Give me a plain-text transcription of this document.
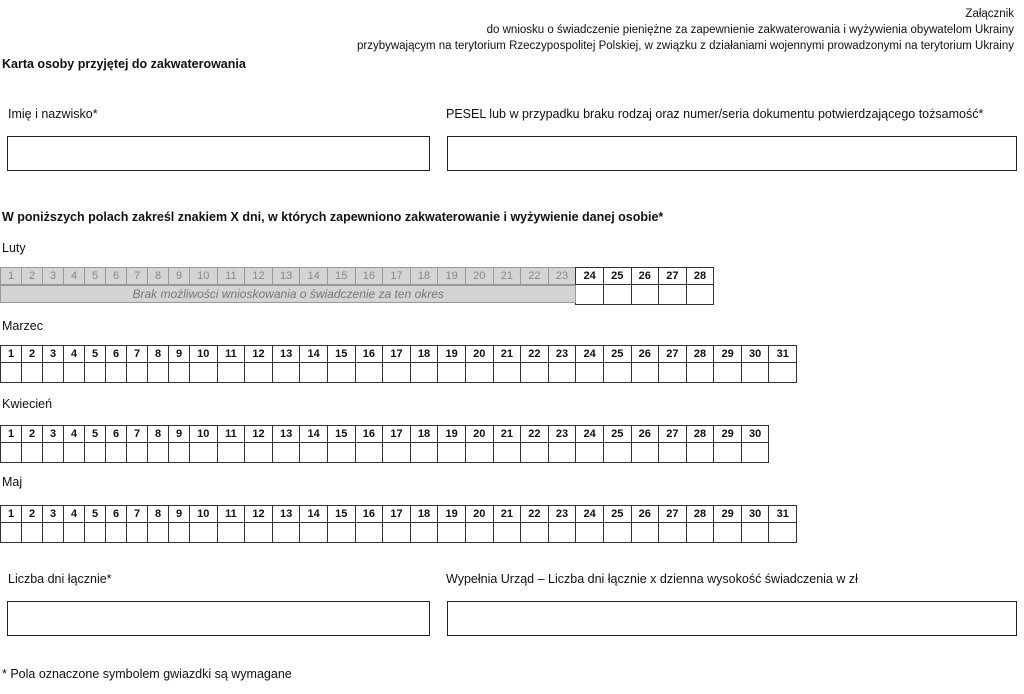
Załącznik
do wniosku o świadczenie pieniężne za zapewnienie zakwaterowania i wyżywienia obywatelom Ukrainy
przybywającym na terytorium Rzeczypospolitej Polskiej, w związku z działaniami wojennymi prowadzonymi na terytorium Ukrainy
Karta osoby przyjętej do zakwaterowania
Imię i nazwisko*	PESEL lub w przypadku braku rodzaj oraz numer/seria dokumentu potwierdzającego tożsamość*
W poniższych polach zakreśl znakiem X dni, w których zapewniono zakwaterowanie i wyżywienie danej osobie*
Luty
1	2	3	4	5	6	7	8	9	10	11	12	13	14	15	16	17	18	19	20	21	22	23	24	25	26	27	28
Brak możliwości wnioskowania o świadczenie za ten okres
Marzec
1	2	3	4	5	6	7	8	9	10	11	12	13	14	15	16	17	18	19	20	21	22	23	24	25	26	27	28	29	30	31
Kwiecień
1	2	3	4	5	6	7	8	9	10	11	12	13	14	15	16	17	18	19	20	21	22	23	24	25	26	27	28	29	30
Maj
1	2	3	4	5	6	7	8	9	10	11	12	13	14	15	16	17	18	19	20	21	22	23	24	25	26	27	28	29	30	31
Liczba dni łącznie*	Wypełnia Urząd – Liczba dni łącznie x dzienna wysokość świadczenia w zł
* Pola oznaczone symbolem gwiazdki są wymagane
